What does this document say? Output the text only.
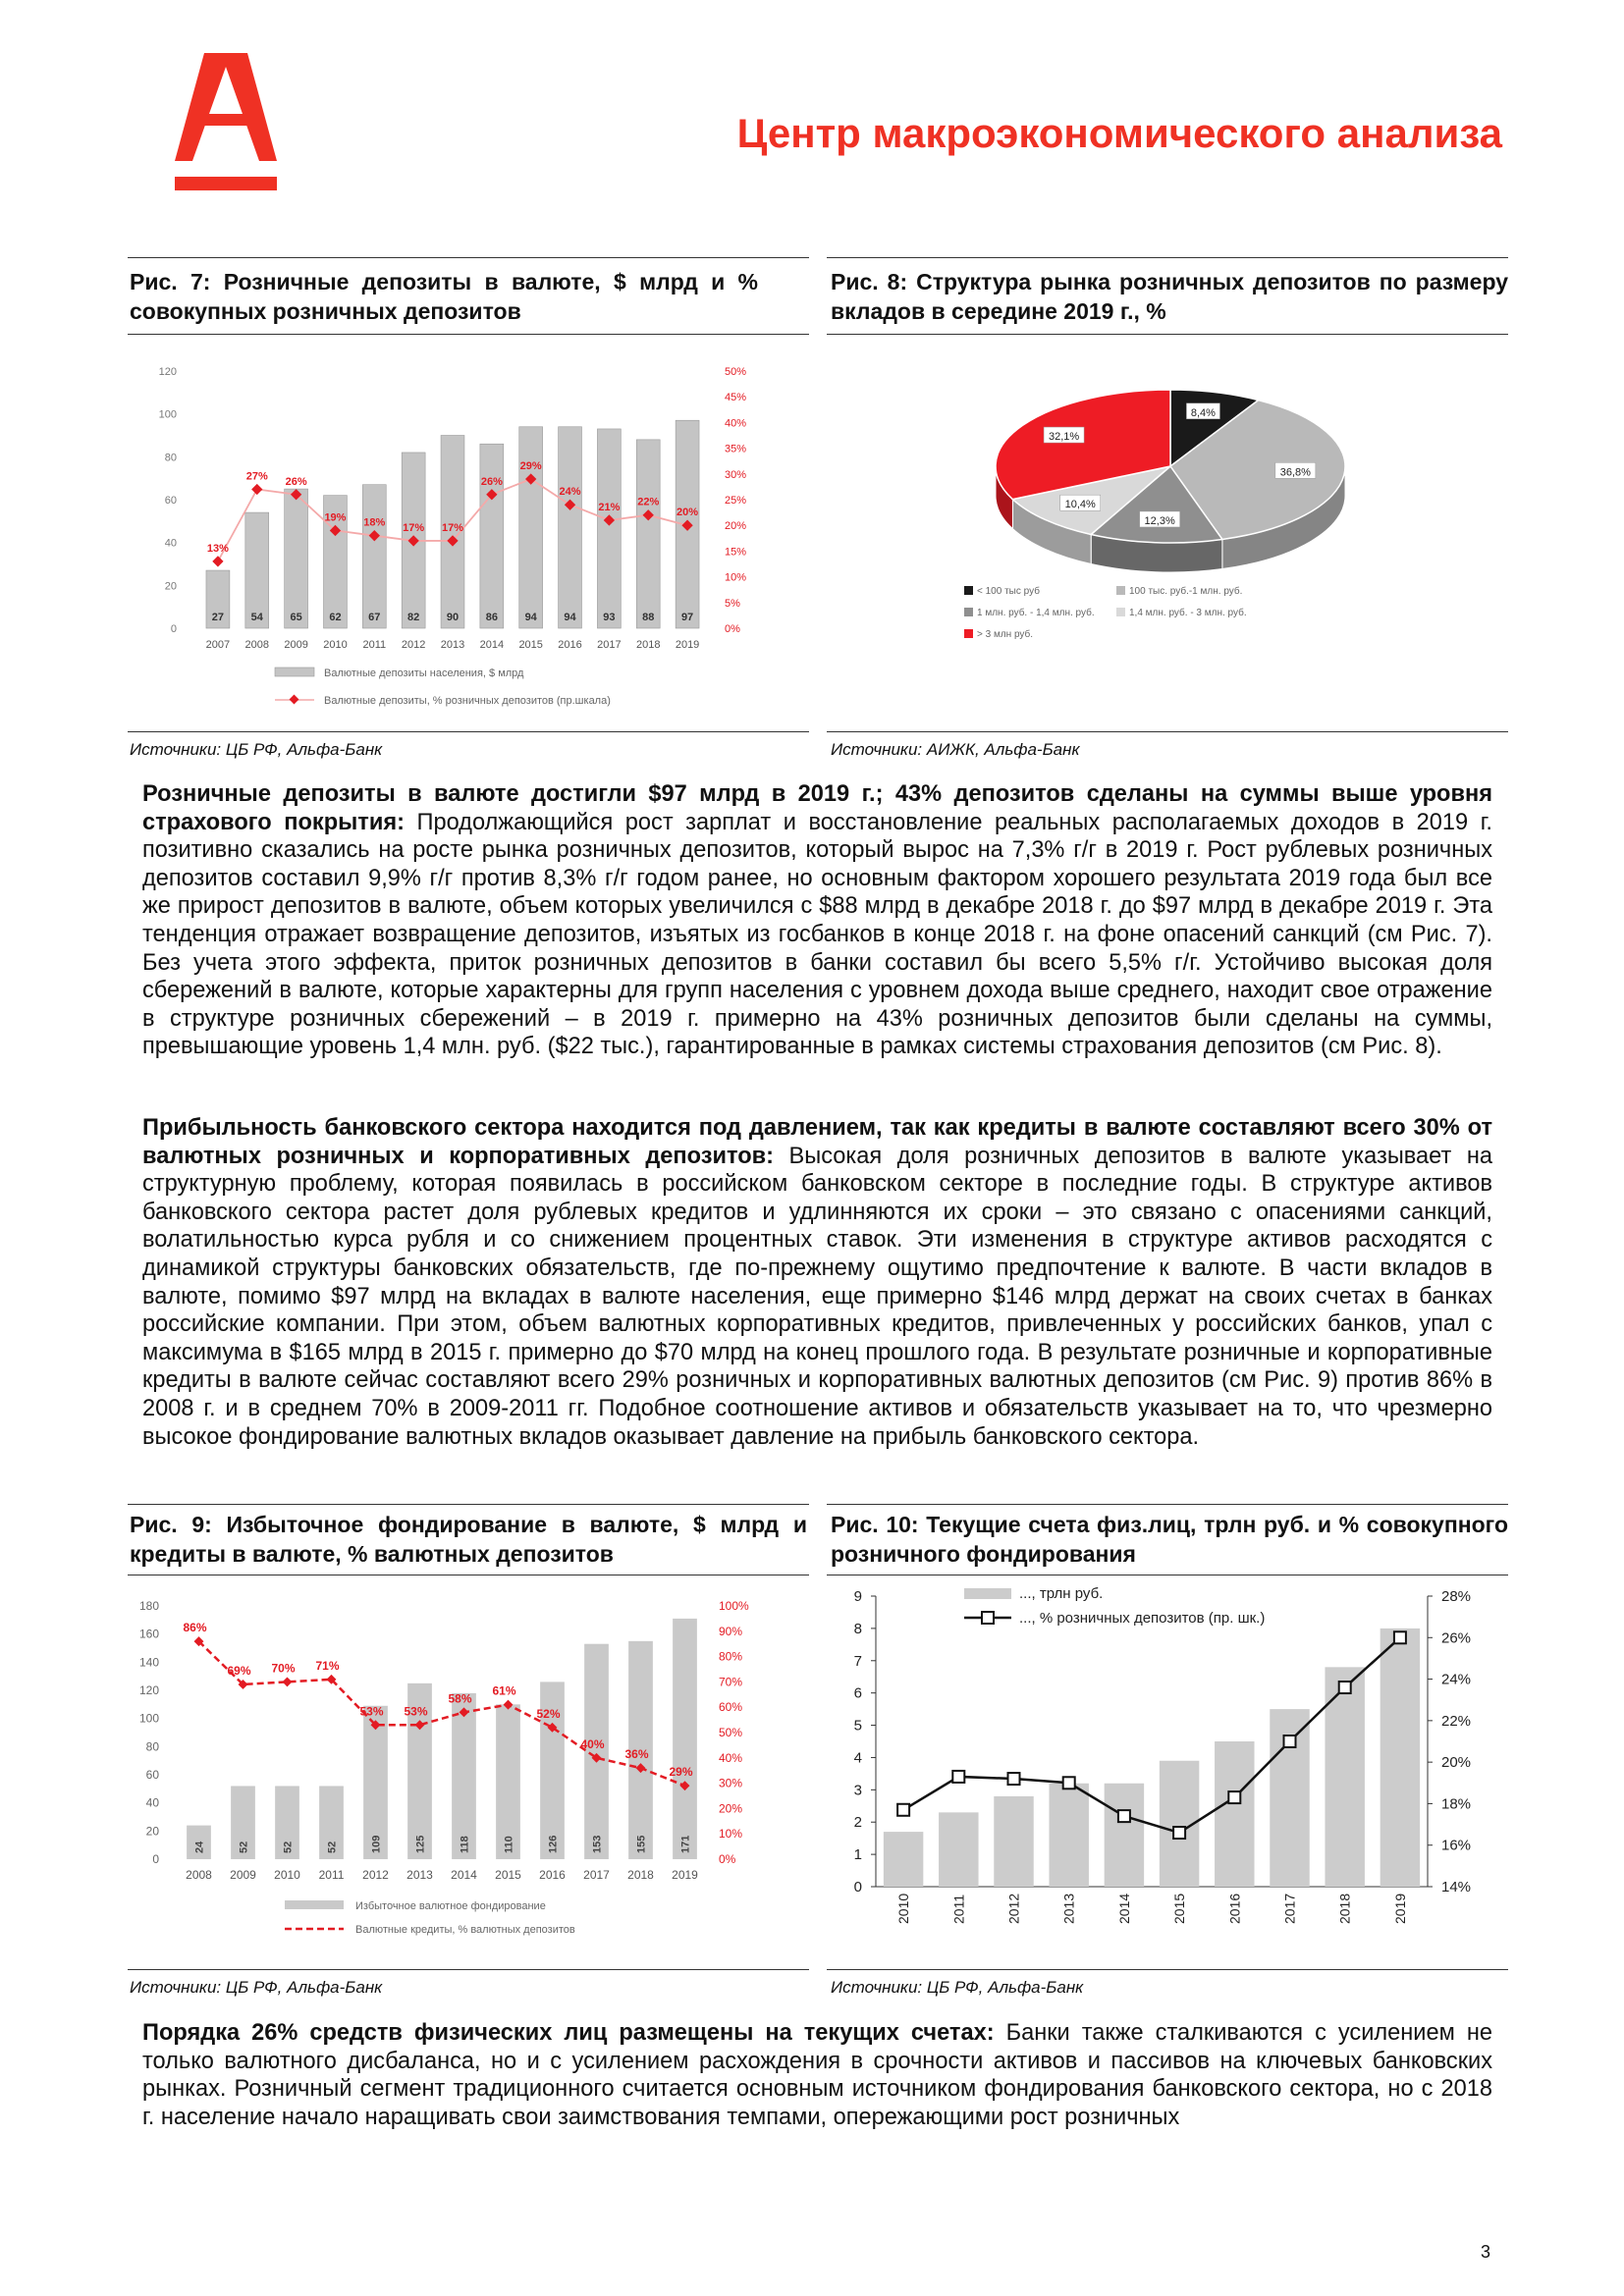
Центр макроэкономического анализа
Рис. 7: Розничные депозиты в валюте, $ млрд и % совокупных розничных депозитов
Рис. 8: Структура рынка розничных депозитов по размеру вкладов в середине 2019 г., %
0
20
40
60
80
100
120
0%
5%
10%
15%
20%
25%
30%
35%
40%
45%
50%
27
2007
54
2008
65
2009
62
2010
67
2011
82
2012
90
2013
86
2014
94
2015
94
2016
93
2017
88
2018
97
2019
13%
27% 26%
19% 18% 17% 17%
26%
29%
24%
21% 22%
20%
Валютные депозиты населения, $ млрд
Валютные депозиты, % розничных депозитов (пр.шкала)
8,4%
36,8%
12,3%
10,4%
32,1%
< 100 тыс руб	100 тыс. руб.-1 млн. руб.
1 млн. руб. - 1,4 млн. руб.	1,4 млн. руб. - 3 млн. руб.
> 3 млн руб.
Источники: ЦБ РФ, Альфа-Банк	Источники: АИЖК, Альфа-Банк
Розничные депозиты в валюте достигли $97 млрд в 2019 г.; 43% депозитов сделаны на суммы выше уровня страхового покрытия: Продолжающийся рост зарплат и восстановление реальных располагаемых доходов в 2019 г. позитивно сказались на росте рынка розничных депозитов, который вырос на 7,3% г/г в 2019 г. Рост рублевых розничных депозитов составил 9,9% г/г против 8,3% г/г годом ранее, но основным фактором хорошего результата 2019 года был все же прирост депозитов в валюте, объем которых увеличился с $88 млрд в декабре 2018 г. до $97 млрд в декабре 2019 г. Эта тенденция отражает возвращение депозитов, изъятых из госбанков в конце 2018 г. на фоне опасений санкций (см Рис. 7). Без учета этого эффекта, приток розничных депозитов в банки составил бы всего 5,5% г/г. Устойчиво высокая доля сбережений в валюте, которые характерны для групп населения с уровнем дохода выше среднего, находит свое отражение в структуре розничных сбережений – в 2019 г. примерно на 43% розничных депозитов были сделаны на суммы, превышающие уровень 1,4 млн. руб. ($22 тыс.), гарантированные в рамках системы страхования депозитов (см Рис. 8).
Прибыльность банковского сектора находится под давлением, так как кредиты в валюте составляют всего 30% от валютных розничных и корпоративных депозитов: Высокая доля розничных депозитов в валюте указывает на структурную проблему, которая появилась в российском банковском секторе в последние годы. В структуре активов банковского сектора растет доля рублевых кредитов и удлинняются их сроки – это связано с опасениями санкций, волатильностью курса рубля и со снижением процентных ставок. Эти изменения в структуре активов расходятся с динамикой структуры банковских обязательств, где по-прежнему ощутимо предпочтение к валюте. В части вкладов в валюте, помимо $97 млрд на вкладах в валюте населения, еще примерно $146 млрд держат на своих счетах в банках российские компании. При этом, объем валютных корпоративных кредитов, привлеченных у российских банков, упал с максимума в $165 млрд в 2015 г. примерно до $70 млрд на конец прошлого года. В результате розничные и корпоративные кредиты в валюте сейчас составляют всего 29% розничных и корпоративных валютных депозитов (см Рис. 9) против 86% в 2008 г. и в среднем 70% в 2009-2011 гг. Подобное соотношение активов и обязательств указывает на то, что чрезмерно высокое фондирование валютных вкладов оказывает давление на прибыль банковского сектора.
Рис. 9: Избыточное фондирование в валюте, $ млрд и кредиты в валюте, % валютных депозитов
Рис. 10: Текущие счета физ.лиц, трлн руб. и % совокупного розничного фондирования
0
20
40
60
80
100
120
140
160
180
0%
10%
20%
30%
40%
50%
60%
70%
80%
90%
100%
24
2008
52
2009
52
2010
52
2011
109
2012
125
2013
118
2014
110
2015
126
2016
153
2017
155
2018
171
2019
86%
69% 70% 71%
53% 53%
58%
61%
52%
40%
36%
29%
Избыточное валютное фондирование
Валютные кредиты, % валютных депозитов
0
1
2
3
4
5
6
7
8
9
14%
16%
18%
20%
22%
24%
26%
28%
2010	2011	2012	2013	2014	2015	2016	2017	2018	2019
..., трлн руб.
..., % розничных депозитов (пр. шк.)
Источники: ЦБ РФ, Альфа-Банк	Источники: ЦБ РФ, Альфа-Банк
Порядка 26% средств физических лиц размещены на текущих счетах: Банки также сталкиваются с усилением не только валютного дисбаланса, но и с усилением расхождения в срочности активов и пассивов на ключевых банковских рынках. Розничный сегмент традиционного считается основным источником фондирования банковского сектора, но с 2018 г. население начало наращивать свои заимствования темпами, опережающими рост розничных
3
